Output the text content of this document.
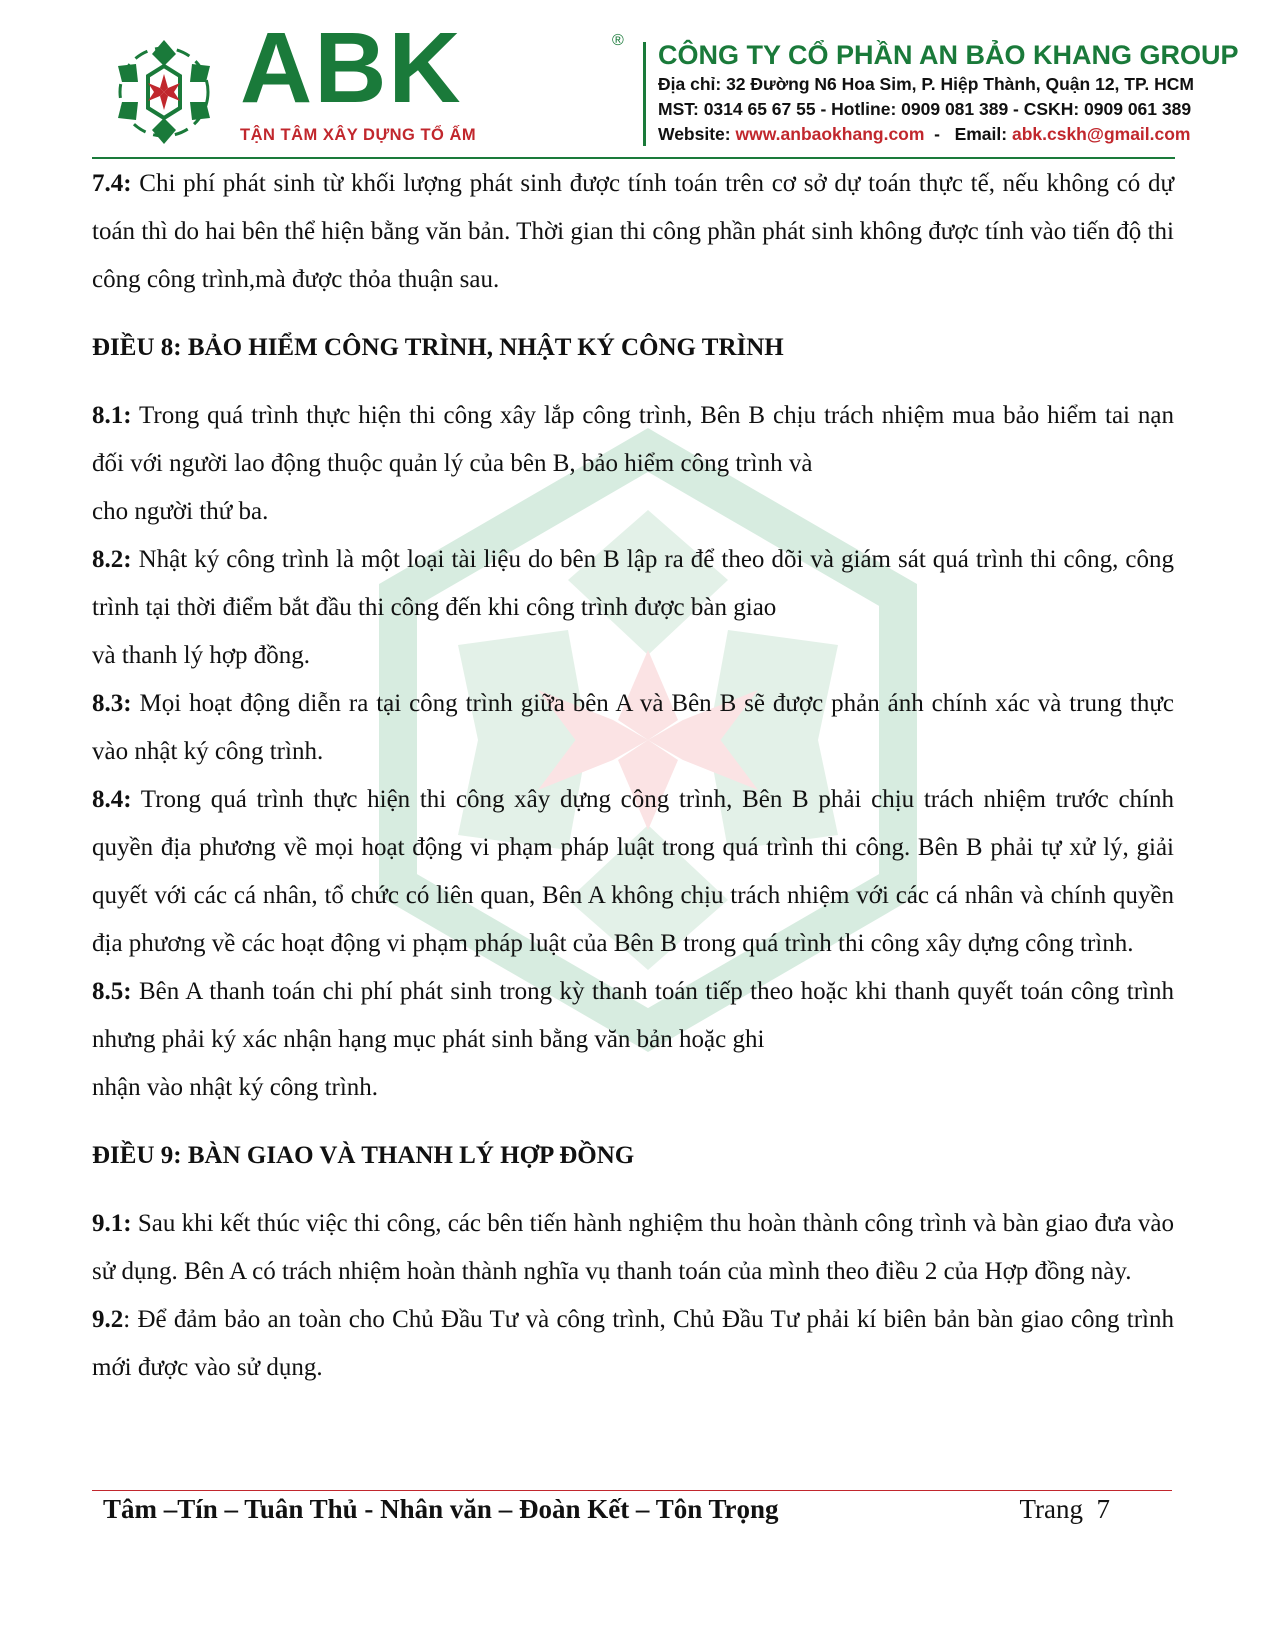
ABK	®
TẬN TÂM XÂY DỰNG TỔ ẤM
CÔNG TY CỔ PHẦN AN BẢO KHANG GROUP
Địa chỉ: 32 Đường N6 Hoa Sim, P. Hiệp Thành, Quận 12, TP. HCM
MST: 0314 65 67 55 - Hotline: 0909 081 389 - CSKH: 0909 061 389
Website: www.anbaokhang.com  -   Email: abk.cskh@gmail.com

7.4: Chi phí phát sinh từ khối lượng phát sinh được tính toán trên cơ sở dự toán thực tế, nếu không có dự toán thì do hai bên thể hiện bằng văn bản. Thời gian thi công phần phát sinh không được tính vào tiến độ thi công công trình,mà được thỏa thuận sau.

ĐIỀU 8: BẢO HIỂM CÔNG TRÌNH, NHẬT KÝ CÔNG TRÌNH

8.1: Trong quá trình thực hiện thi công xây lắp công trình, Bên B chịu trách nhiệm mua bảo hiểm tai nạn đối với người lao động thuộc quản lý của bên B, bảo hiểm công trình và

cho người thứ ba.

8.2: Nhật ký công trình là một loại tài liệu do bên B lập ra để theo dõi và giám sát quá trình thi công, công trình tại thời điểm bắt đầu thi công đến khi công trình được bàn giao

và thanh lý hợp đồng.

8.3: Mọi hoạt động diễn ra tại công trình giữa bên A và Bên B sẽ được phản ánh chính xác và trung thực vào nhật ký công trình.

8.4: Trong quá trình thực hiện thi công xây dựng công trình, Bên B phải chịu trách nhiệm trước chính quyền địa phương về mọi hoạt động vi phạm pháp luật trong quá trình thi công. Bên B phải tự xử lý, giải quyết với các cá nhân, tổ chức có liên quan, Bên A không chịu trách nhiệm với các cá nhân và chính quyền địa phương về các hoạt động vi phạm pháp luật của Bên B trong quá trình thi công xây dựng công trình.

8.5: Bên A thanh toán chi phí phát sinh trong kỳ thanh toán tiếp theo hoặc khi thanh quyết toán công trình nhưng phải ký xác nhận hạng mục phát sinh bằng văn bản hoặc ghi

nhận vào nhật ký công trình.

ĐIỀU 9: BÀN GIAO VÀ THANH LÝ HỢP ĐỒNG

9.1: Sau khi kết thúc việc thi công, các bên tiến hành nghiệm thu hoàn thành công trình và bàn giao đưa vào sử dụng. Bên A có trách nhiệm hoàn thành nghĩa vụ thanh toán của mình theo điều 2 của Hợp đồng này.

9.2: Để đảm bảo an toàn cho Chủ Đầu Tư và công trình, Chủ Đầu Tư phải kí biên bản bàn giao công trình mới được vào sử dụng.

Tâm –Tín – Tuân Thủ - Nhân văn – Đoàn Kết – Tôn Trọng	Trang  7
